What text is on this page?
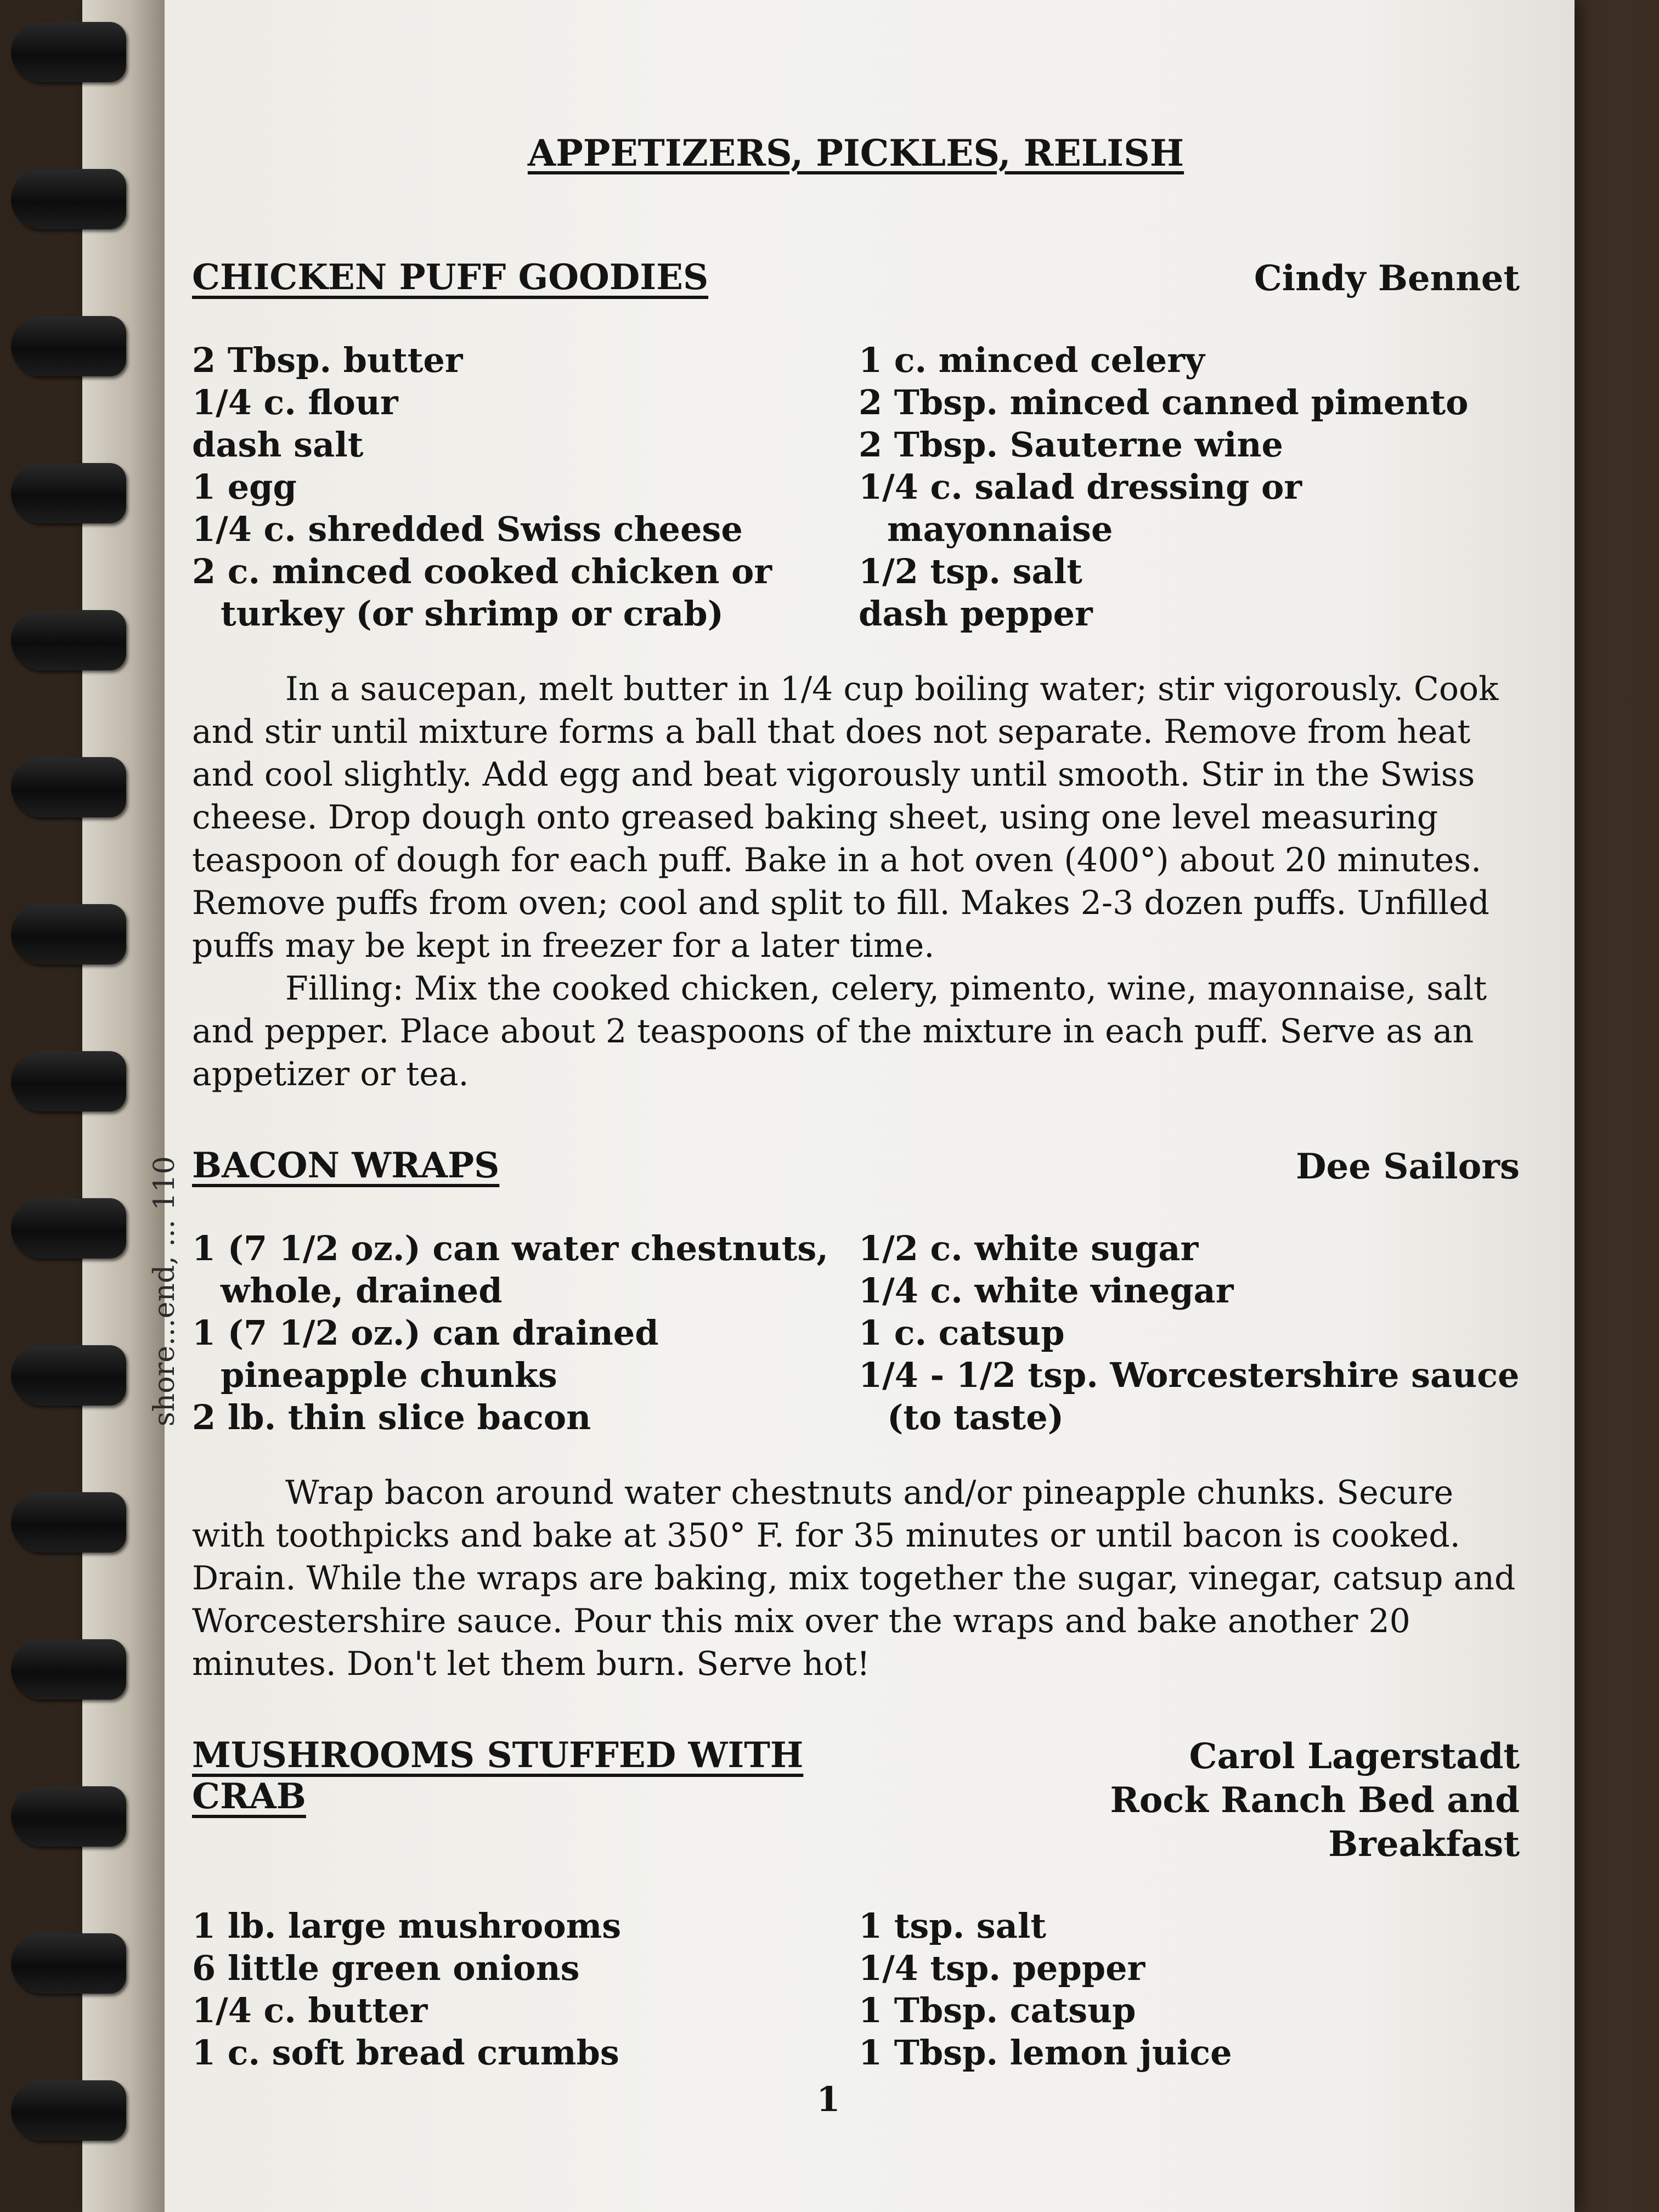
shore...end, ... 110
APPETIZERS, PICKLES, RELISH
CHICKEN PUFF GOODIES	Cindy Bennet
2 Tbsp. butter
1/4 c. flour
dash salt
1 egg
1/4 c. shredded Swiss cheese
2 c. minced cooked chicken or turkey (or shrimp or crab)
1 c. minced celery
2 Tbsp. minced canned pimento
2 Tbsp. Sauterne wine
1/4 c. salad dressing or mayonnaise
1/2 tsp. salt
dash pepper

In a saucepan, melt butter in 1/4 cup boiling water; stir vigorously. Cook and stir until mixture forms a ball that does not separate. Remove from heat and cool slightly. Add egg and beat vigorously until smooth. Stir in the Swiss cheese. Drop dough onto greased baking sheet, using one level measuring teaspoon of dough for each puff. Bake in a hot oven (400°) about 20 minutes. Remove puffs from oven; cool and split to fill. Makes 2-3 dozen puffs. Unfilled puffs may be kept in freezer for a later time.

Filling: Mix the cooked chicken, celery, pimento, wine, mayonnaise, salt and pepper. Place about 2 teaspoons of the mixture in each puff. Serve as an appetizer or tea.

BACON WRAPS	Dee Sailors
1 (7 1/2 oz.) can water chestnuts, whole, drained
1 (7 1/2 oz.) can drained pineapple chunks
2 lb. thin slice bacon
1/2 c. white sugar
1/4 c. white vinegar
1 c. catsup
1/4 - 1/2 tsp. Worcestershire sauce (to taste)

Wrap bacon around water chestnuts and/or pineapple chunks. Secure with toothpicks and bake at 350° F. for 35 minutes or until bacon is cooked. Drain. While the wraps are baking, mix together the sugar, vinegar, catsup and Worcestershire sauce. Pour this mix over the wraps and bake another 20 minutes. Don't let them burn. Serve hot!

MUSHROOMS STUFFED WITH CRAB
Carol Lagerstadt
Rock Ranch Bed and Breakfast
1 lb. large mushrooms
6 little green onions
1/4 c. butter
1 c. soft bread crumbs
1 tsp. salt
1/4 tsp. pepper
1 Tbsp. catsup
1 Tbsp. lemon juice
1
